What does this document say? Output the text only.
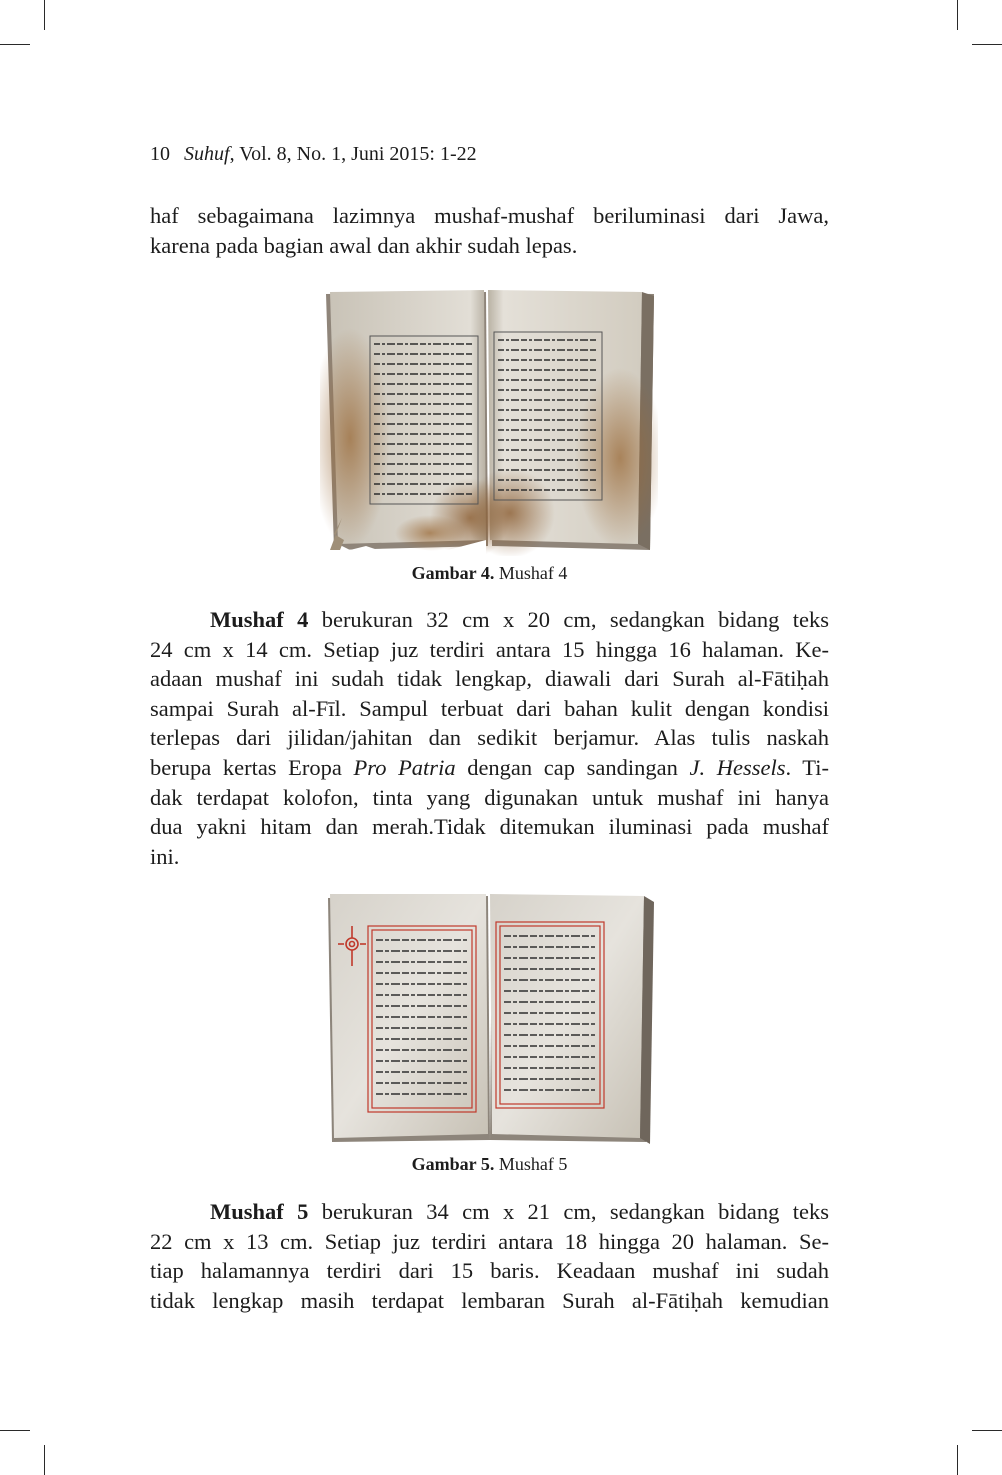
10 Suhuf, Vol. 8, No. 1, Juni 2015: 1-22
haf sebagaimana lazimnya mushaf-mushaf beriluminasi dari Jawa,
karena pada bagian awal dan akhir sudah lepas.
Gambar 4. Mushaf 4
Mushaf 4 berukuran 32 cm x 20 cm, sedangkan bidang teks
24 cm x 14 cm. Setiap juz terdiri antara 15 hingga 16 halaman. Ke-
adaan mushaf ini sudah tidak lengkap, diawali dari Surah al-Fātiḥah
sampai Surah al-Fīl. Sampul terbuat dari bahan kulit dengan kondisi
terlepas dari jilidan/jahitan dan sedikit berjamur. Alas tulis naskah
berupa kertas Eropa Pro Patria dengan cap sandingan J. Hessels. Ti-
dak terdapat kolofon, tinta yang digunakan untuk mushaf ini hanya
dua yakni hitam dan merah.Tidak ditemukan iluminasi pada mushaf
ini.
Gambar 5. Mushaf 5
Mushaf 5 berukuran 34 cm x 21 cm, sedangkan bidang teks
22 cm x 13 cm. Setiap juz terdiri antara 18 hingga 20 halaman. Se-
tiap halamannya terdiri dari 15 baris. Keadaan mushaf ini sudah
tidak lengkap masih terdapat lembaran Surah al-Fātiḥah kemudian
